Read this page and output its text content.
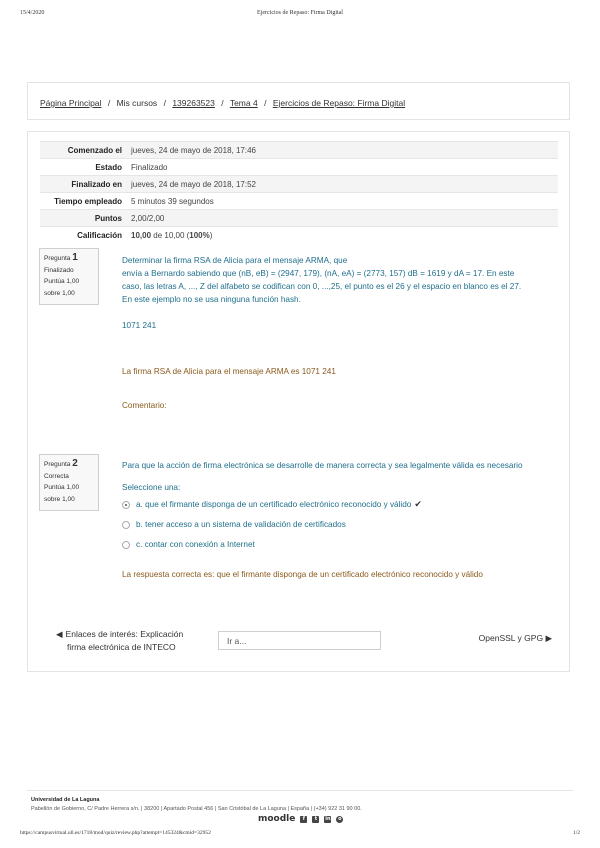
15/4/2020	Ejercicios de Repaso: Firma Digital
Página Principal / Mis cursos / 139263523 / Tema 4 / Ejercicios de Repaso: Firma Digital
Comenzado el	jueves, 24 de mayo de 2018, 17:46
Estado	Finalizado
Finalizado en	jueves, 24 de mayo de 2018, 17:52
Tiempo empleado	5 minutos 39 segundos
Puntos	2,00/2,00
Calificación	10,00 de 10,00 (100%)
Pregunta 1
Finalizado
Puntúa 1,00
sobre 1,00
Determinar la firma RSA de Alicia para el mensaje ARMA, que
envía a Bernardo sabiendo que (nB, eB) = (2947, 179), (nA, eA) = (2773, 157) dB = 1619 y dA = 17. En este
caso, las letras A, ..., Z del alfabeto se codifican con 0, ...,25, el punto es el 26 y el espacio en blanco es el 27.
En este ejemplo no se usa ninguna función hash.
1071 241
La firma RSA de Alicia para el mensaje ARMA es 1071 241
Comentario:
Pregunta 2
Correcta
Puntúa 1,00
sobre 1,00
Para que la acción de firma electrónica se desarrolle de manera correcta y sea legalmente válida es necesario
Seleccione una:
a. que el firmante disponga de un certificado electrónico reconocido y válido ✔
b. tener acceso a un sistema de validación de certificados
c. contar con conexión a Internet
La respuesta correcta es: que el firmante disponga de un certificado electrónico reconocido y válido
◀ Enlaces de interés: Explicación
firma electrónica de INTECO
Ir a...	OpenSSL y GPG ▶
Universidad de La Laguna
Pabellón de Gobierno, C/ Padre Herrera s/n. | 38200 | Apartado Postal 456 | San Cristóbal de La Laguna | España | (+34) 922 31 90 00.
moodle	f	t	in	o
https://campusvirtual.ull.es/1718/mod/quiz/review.php?attempt=145324&cmid=32952	1/2
